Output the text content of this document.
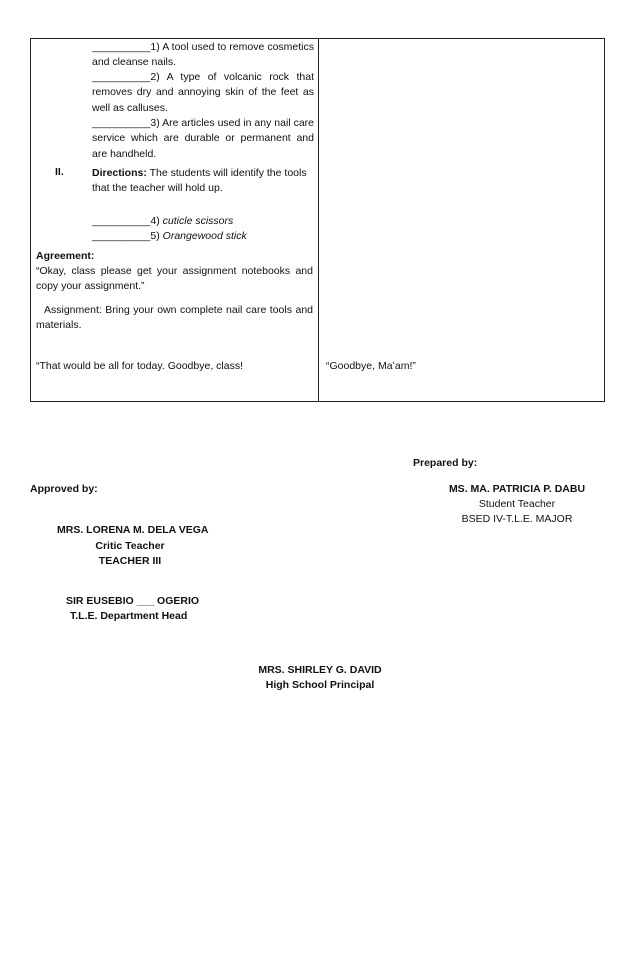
__________1) A tool used to remove cosmetics and cleanse nails.
__________2) A type of volcanic rock that removes dry and annoying skin of the feet as well as calluses.
__________3) Are articles used in any nail care service which are durable or permanent and are handheld.
II.	Directions: The students will identify the tools that the teacher will hold up.
__________4) cuticle scissors
__________5) Orangewood stick
Agreement:
“Okay, class please get your assignment notebooks and copy your assignment.”
Assignment: Bring your own complete nail care tools and materials.
“That would be all for today. Goodbye, class!	“Goodbye, Ma’am!”
Prepared by:
Approved by:	MS. MA. PATRICIA P. DABU
Student Teacher
BSED IV-T.L.E. MAJOR
MRS. LORENA M. DELA VEGA
Critic Teacher
TEACHER III
SIR EUSEBIO ___ OGERIO
T.L.E. Department Head
MRS. SHIRLEY G. DAVID
High School Principal
